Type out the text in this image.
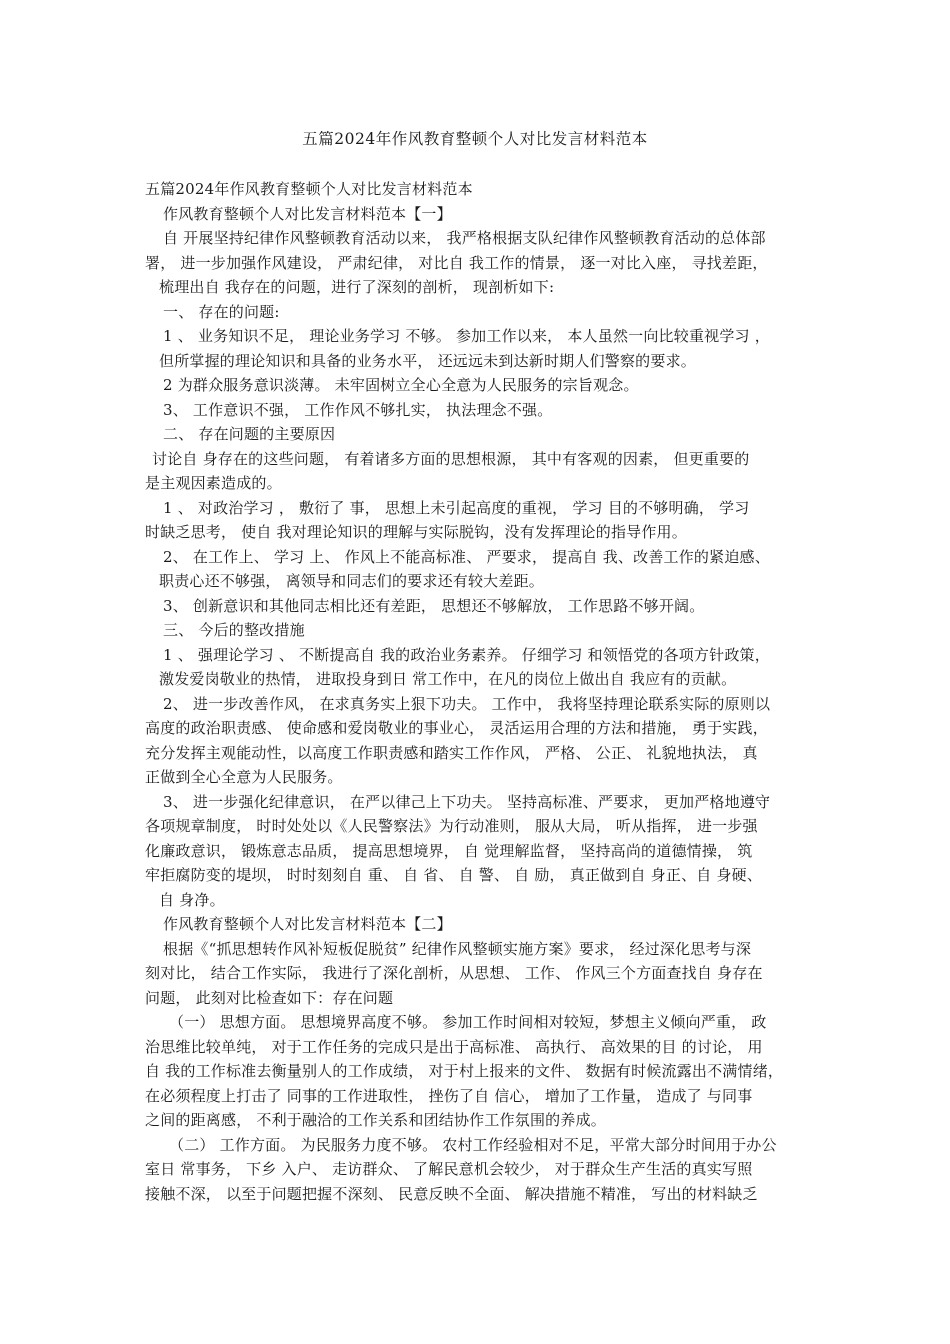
五篇2024年作风教育整顿个人对比发言材料范本
五篇2024年作风教育整顿个人对比发言材料范本
作风教育整顿个人对比发言材料范本【一】
自 开展坚持纪律作风整顿教育活动以来， 我严格根据支队纪律作风整顿教育活动的总体部
署， 进一步加强作风建设， 严肃纪律， 对比自 我工作的情景， 逐一对比入座， 寻找差距，
梳理出自 我存在的问题，进行了深刻的剖析， 现剖析如下:
一、 存在的问题:
1 、 业务知识不足， 理论业务学习 不够。 参加工作以来， 本人虽然一向比较重视学习 ，
但所掌握的理论知识和具备的业务水平， 还远远未到达新时期人们警察的要求。
2 为群众服务意识淡薄。 未牢固树立全心全意为人民服务的宗旨观念。
3、 工作意识不强， 工作作风不够扎实， 执法理念不强。
二、 存在问题的主要原因
讨论自 身存在的这些问题， 有着诸多方面的思想根源， 其中有客观的因素， 但更重要的
是主观因素造成的。
1 、 对政治学习 ， 敷衍了 事， 思想上未引起高度的重视， 学习 目的不够明确， 学习
时缺乏思考， 使自 我对理论知识的理解与实际脱钩，没有发挥理论的指导作用。
2、 在工作上、 学习 上、 作风上不能高标准、 严要求， 提高自 我、改善工作的紧迫感、
职责心还不够强， 离领导和同志们的要求还有较大差距。
3、 创新意识和其他同志相比还有差距， 思想还不够解放， 工作思路不够开阔。
三、 今后的整改措施
1 、 强理论学习 、 不断提高自 我的政治业务素养。 仔细学习 和领悟党的各项方针政策，
激发爱岗敬业的热情， 进取投身到日 常工作中，在凡的岗位上做出自 我应有的贡献。
2、 进一步改善作风， 在求真务实上狠下功夫。 工作中， 我将坚持理论联系实际的原则以
高度的政治职责感、 使命感和爱岗敬业的事业心， 灵活运用合理的方法和措施， 勇于实践，
充分发挥主观能动性，以高度工作职责感和踏实工作作风， 严格、 公正、 礼貌地执法， 真
正做到全心全意为人民服务。
3、 进一步强化纪律意识， 在严以律己上下功夫。 坚持高标准、严要求， 更加严格地遵守
各项规章制度， 时时处处以《人民警察法》为行动准则， 服从大局， 听从指挥， 进一步强
化廉政意识， 锻炼意志品质， 提高思想境界， 自 觉理解监督， 坚持高尚的道德情操， 筑
牢拒腐防变的堤坝， 时时刻刻自 重、 自 省、 自 警、 自 励， 真正做到自 身正、自 身硬、
自 身净。
作风教育整顿个人对比发言材料范本【二】
根据《“抓思想转作风补短板促脱贫” 纪律作风整顿实施方案》要求， 经过深化思考与深
刻对比， 结合工作实际， 我进行了深化剖析，从思想、 工作、 作风三个方面查找自 身存在
问题， 此刻对比检查如下：存在问题
（一） 思想方面。 思想境界高度不够。 参加工作时间相对较短，梦想主义倾向严重， 政
治思维比较单纯， 对于工作任务的完成只是出于高标准、 高执行、 高效果的目 的讨论， 用
自 我的工作标准去衡量别人的工作成绩， 对于村上报来的文件、 数据有时候流露出不满情绪，
在必须程度上打击了 同事的工作进取性， 挫伤了自 信心， 增加了工作量， 造成了 与同事
之间的距离感， 不利于融洽的工作关系和团结协作工作氛围的养成。
（二） 工作方面。 为民服务力度不够。 农村工作经验相对不足，平常大部分时间用于办公
室日 常事务， 下乡 入户、 走访群众、 了解民意机会较少， 对于群众生产生活的真实写照
接触不深， 以至于问题把握不深刻、 民意反映不全面、 解决措施不精准， 写出的材料缺乏
